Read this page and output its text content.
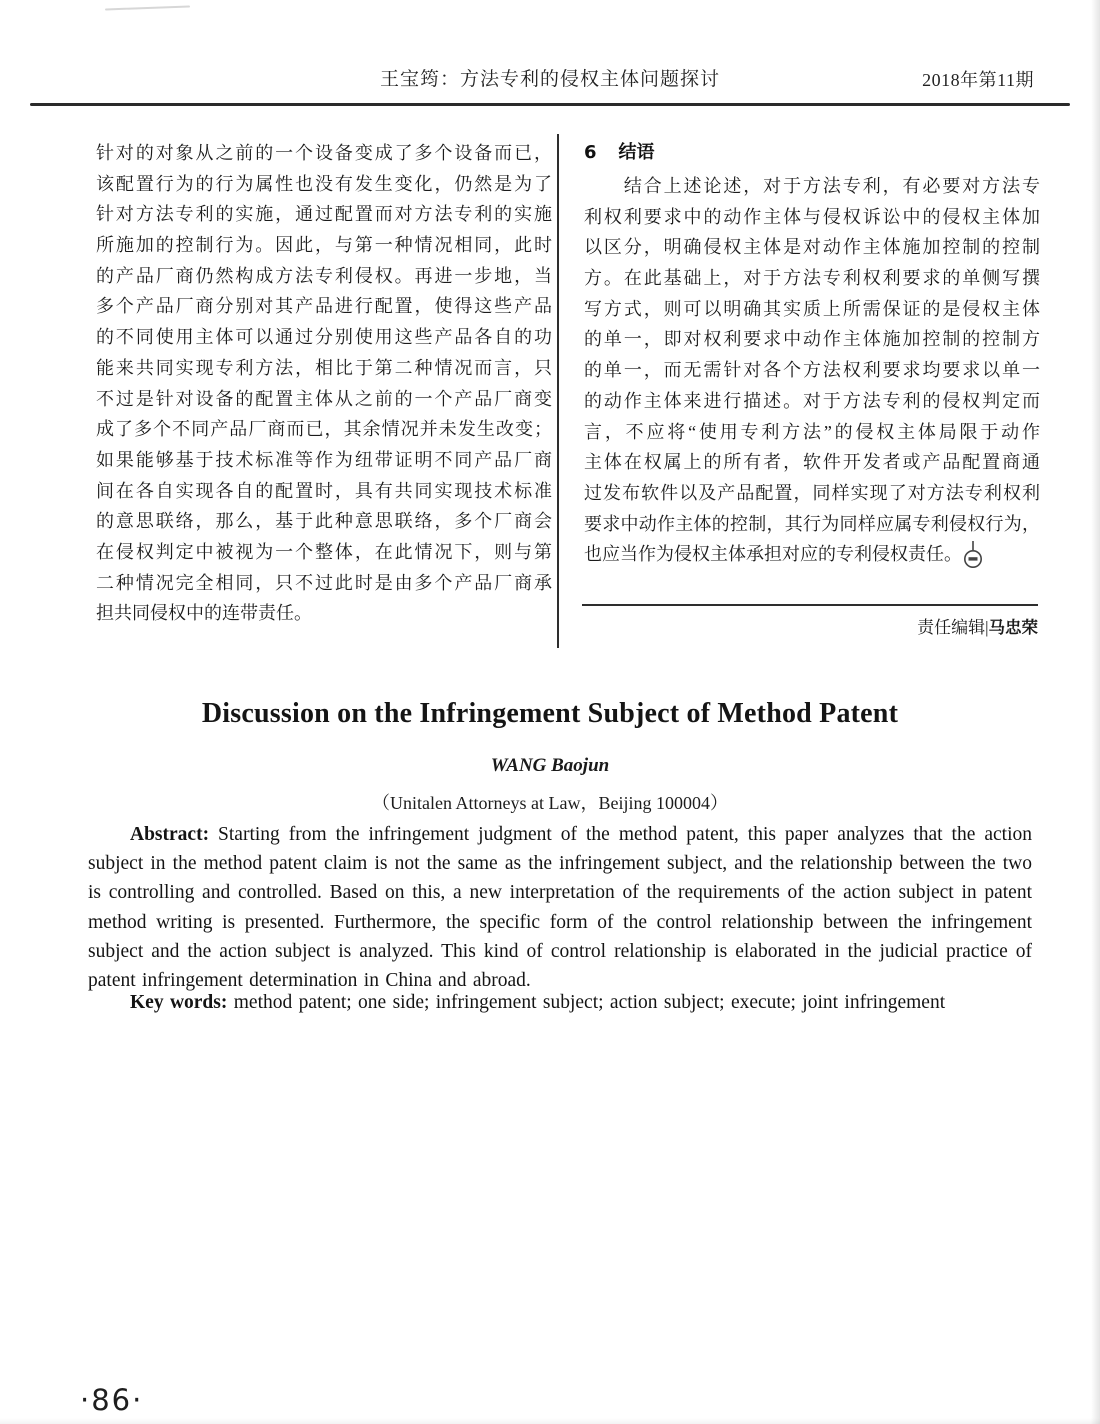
王宝筠：方法专利的侵权主体问题探讨	2018年第11期
针对的对象从之前的一个设备变成了多个设备而已，
该配置行为的行为属性也没有发生变化，仍然是为了
针对方法专利的实施，通过配置而对方法专利的实施
所施加的控制行为。因此，与第一种情况相同，此时
的产品厂商仍然构成方法专利侵权。再进一步地，当
多个产品厂商分别对其产品进行配置，使得这些产品
的不同使用主体可以通过分别使用这些产品各自的功
能来共同实现专利方法，相比于第二种情况而言，只
不过是针对设备的配置主体从之前的一个产品厂商变
成了多个不同产品厂商而已，其余情况并未发生改变；
如果能够基于技术标准等作为纽带证明不同产品厂商
间在各自实现各自的配置时，具有共同实现技术标准
的意思联络，那么，基于此种意思联络，多个厂商会
在侵权判定中被视为一个整体，在此情况下，则与第
二种情况完全相同，只不过此时是由多个产品厂商承
担共同侵权中的连带责任。
6 结语
　　结合上述论述，对于方法专利，有必要对方法专
利权利要求中的动作主体与侵权诉讼中的侵权主体加
以区分，明确侵权主体是对动作主体施加控制的控制
方。在此基础上，对于方法专利权利要求的单侧写撰
写方式，则可以明确其实质上所需保证的是侵权主体
的单一，即对权利要求中动作主体施加控制的控制方
的单一，而无需针对各个方法权利要求均要求以单一
的动作主体来进行描述。对于方法专利的侵权判定而
言，不应将“使用专利方法”的侵权主体局限于动作
主体在权属上的所有者，软件开发者或产品配置商通
过发布软件以及产品配置，同样实现了对方法专利权利
要求中动作主体的控制，其行为同样应属专利侵权行为，
也应当作为侵权主体承担对应的专利侵权责任。
责任编辑|马忠荣
Discussion on the Infringement Subject of Method Patent
WANG Baojun
（Unitalen Attorneys at Law，Beijing 100004）

Abstract: Starting from the infringement judgment of the method patent, this paper analyzes that the action subject in the method patent claim is not the same as the infringement subject, and the relationship between the two is controlling and controlled. Based on this, a new interpretation of the requirements of the action subject in patent method writing is presented. Furthermore, the specific form of the control relationship between the infringement subject and the action subject is analyzed. This kind of control relationship is elaborated in the judicial practice of patent infringement determination in China and abroad.

Key words: method patent; one side; infringement subject; action subject; execute; joint infringement

·86·
